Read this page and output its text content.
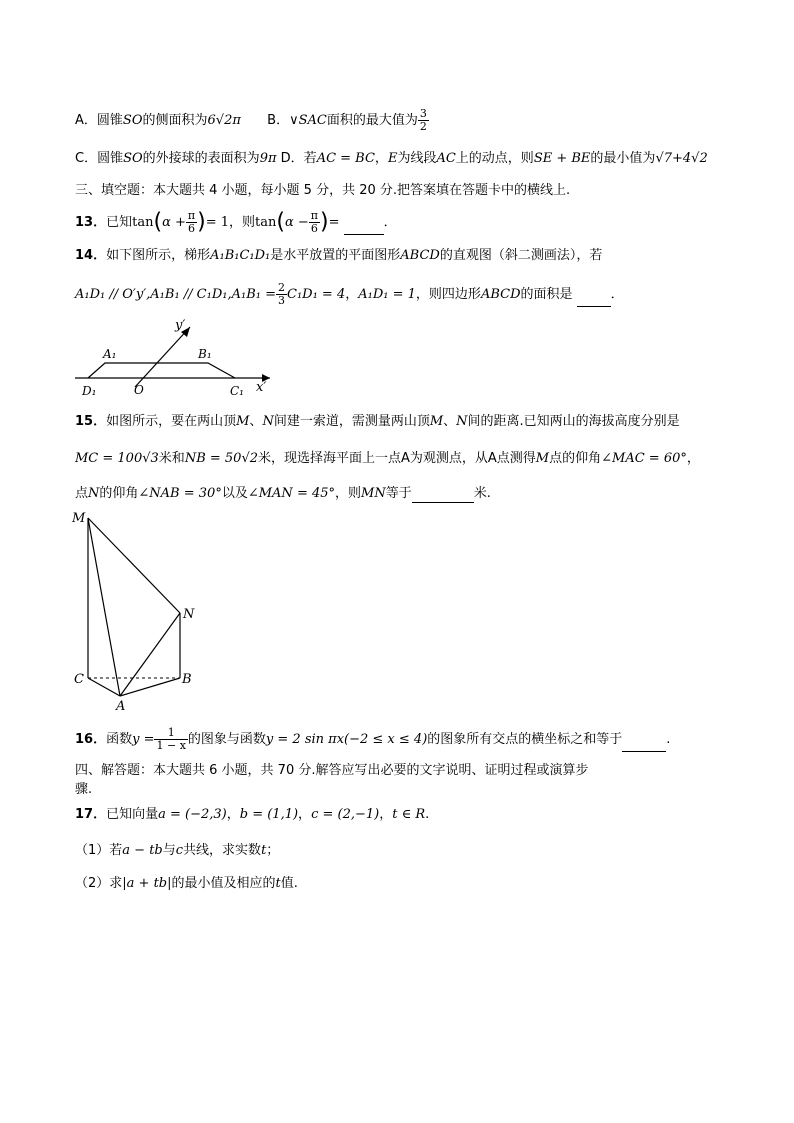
A．圆锥SO的侧面积为6√2π B．∨SAC面积的最大值为 $\frac{3}{2}$
C．圆锥SO的外接球的表面积为9π D．若AC = BC，E为线段AC上的动点，则SE + BE的最小值为√7+4√2
三、填空题：本大题共 4 小题，每小题 5 分，共 20 分.把答案填在答题卡中的横线上.
13．已知$\tan(\alpha + \frac{\pi}{6}$ )= 1，则$\tan(\alpha - \frac{\pi}{6}$ )=	．
14．如下图所示，梯形A₁B₁C₁D₁是水平放置的平面图形ABCD的直观图（斜二测画法），若
$A_1D_1 // O'y',A_1B_1 // C_1D_1,A_1B_1 = \frac{2}{3} C_1D_1 = 4$，A₁D₁ = 1，则四边形ABCD的面积是	．
y′
x′
A₁	B₁
C₁
D₁	O
15．如图所示，要在两山顶M、N间建一索道，需测量两山顶M、N间的距离.已知两山的海拔高度分别是
MC = 100√3米和NB = 50√2米，现选择海平面上一点A为观测点，从A点测得M点的仰角∠MAC = 60°，
点N的仰角∠NAB = 30°以及∠MAN = 45°，则MN等于	米.
M
N
C	B
A
16．函数$y = \frac{1}{1 - x}$ 的图象与函数y = 2 sin πx(−2 ≤ x ≤ 4)的图象所有交点的横坐标之和等于	.
四、解答题：本大题共 6 小题，共 70 分.解答应写出必要的文字说明、证明过程或演算步
骤.
17．已知向量a = (−2,3)，b = (1,1)，c = (2,−1)，t ∈ R.
（1）若a − tb与c共线，求实数t；
（2）求|a + tb|的最小值及相应的t值.
